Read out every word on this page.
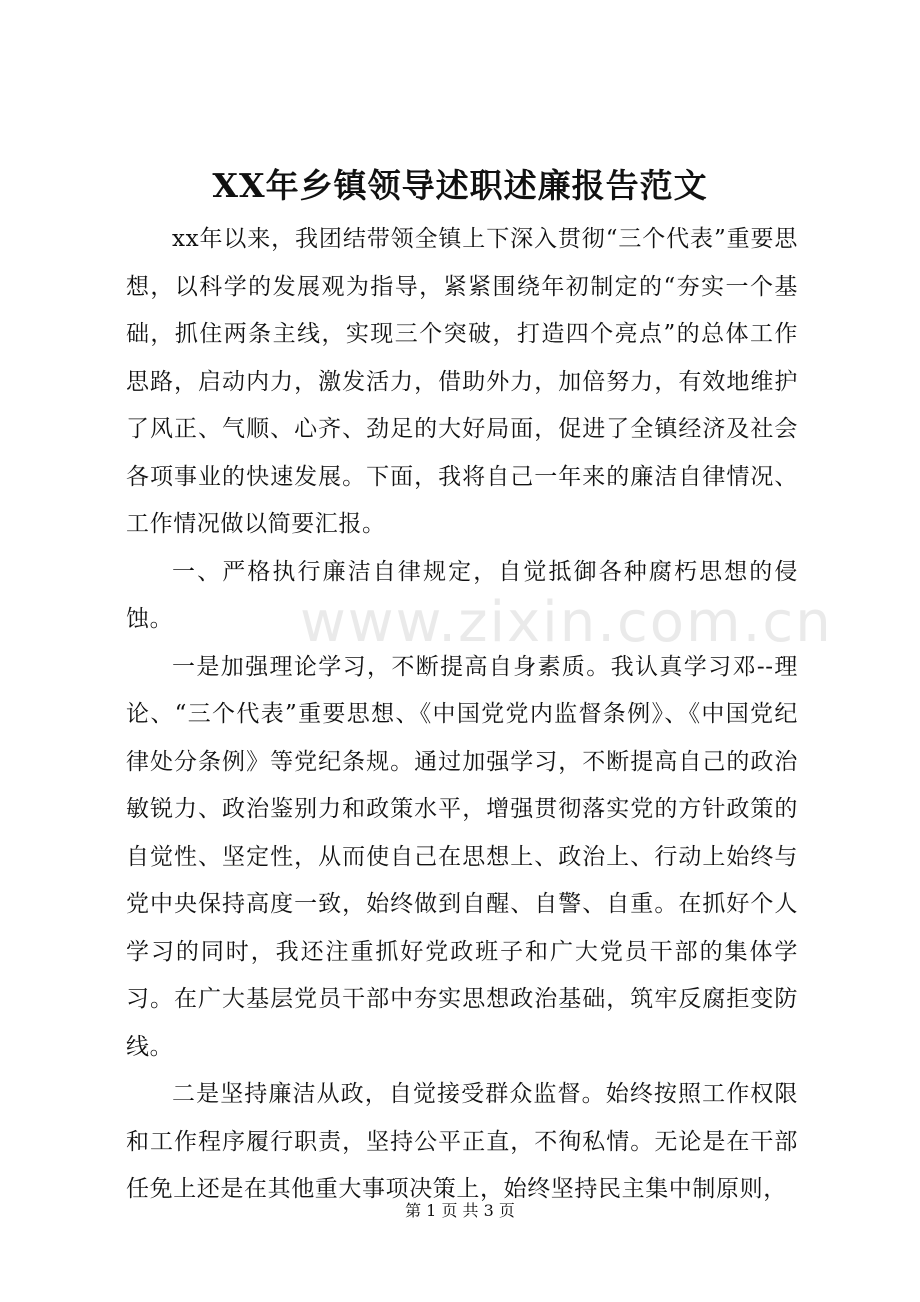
XX年乡镇领导述职述廉报告范文

xx年以来，我团结带领全镇上下深入贯彻“三个代表”重要思想，以科学的发展观为指导，紧紧围绕年初制定的“夯实一个基础，抓住两条主线，实现三个突破，打造四个亮点”的总体工作思路，启动内力，激发活力，借助外力，加倍努力，有效地维护了风正、气顺、心齐、劲足的大好局面，促进了全镇经济及社会各项事业的快速发展。下面，我将自己一年来的廉洁自律情况、工作情况做以简要汇报。

一、严格执行廉洁自律规定，自觉抵御各种腐朽思想的侵蚀。

一是加强理论学习，不断提高自身素质。我认真学习邓--理论、“三个代表”重要思想、《中国党党内监督条例》、《中国党纪律处分条例》等党纪条规。通过加强学习，不断提高自己的政治敏锐力、政治鉴别力和政策水平，增强贯彻落实党的方针政策的自觉性、坚定性，从而使自己在思想上、政治上、行动上始终与党中央保持高度一致，始终做到自醒、自警、自重。在抓好个人学习的同时，我还注重抓好党政班子和广大党员干部的集体学习。在广大基层党员干部中夯实思想政治基础，筑牢反腐拒变防线。

二是坚持廉洁从政，自觉接受群众监督。始终按照工作权限和工作程序履行职责，坚持公平正直，不徇私情。无论是在干部任免上还是在其他重大事项决策上，始终坚持民主集中制原则，

www.zixin.com.cn
第 1 页 共 3 页
